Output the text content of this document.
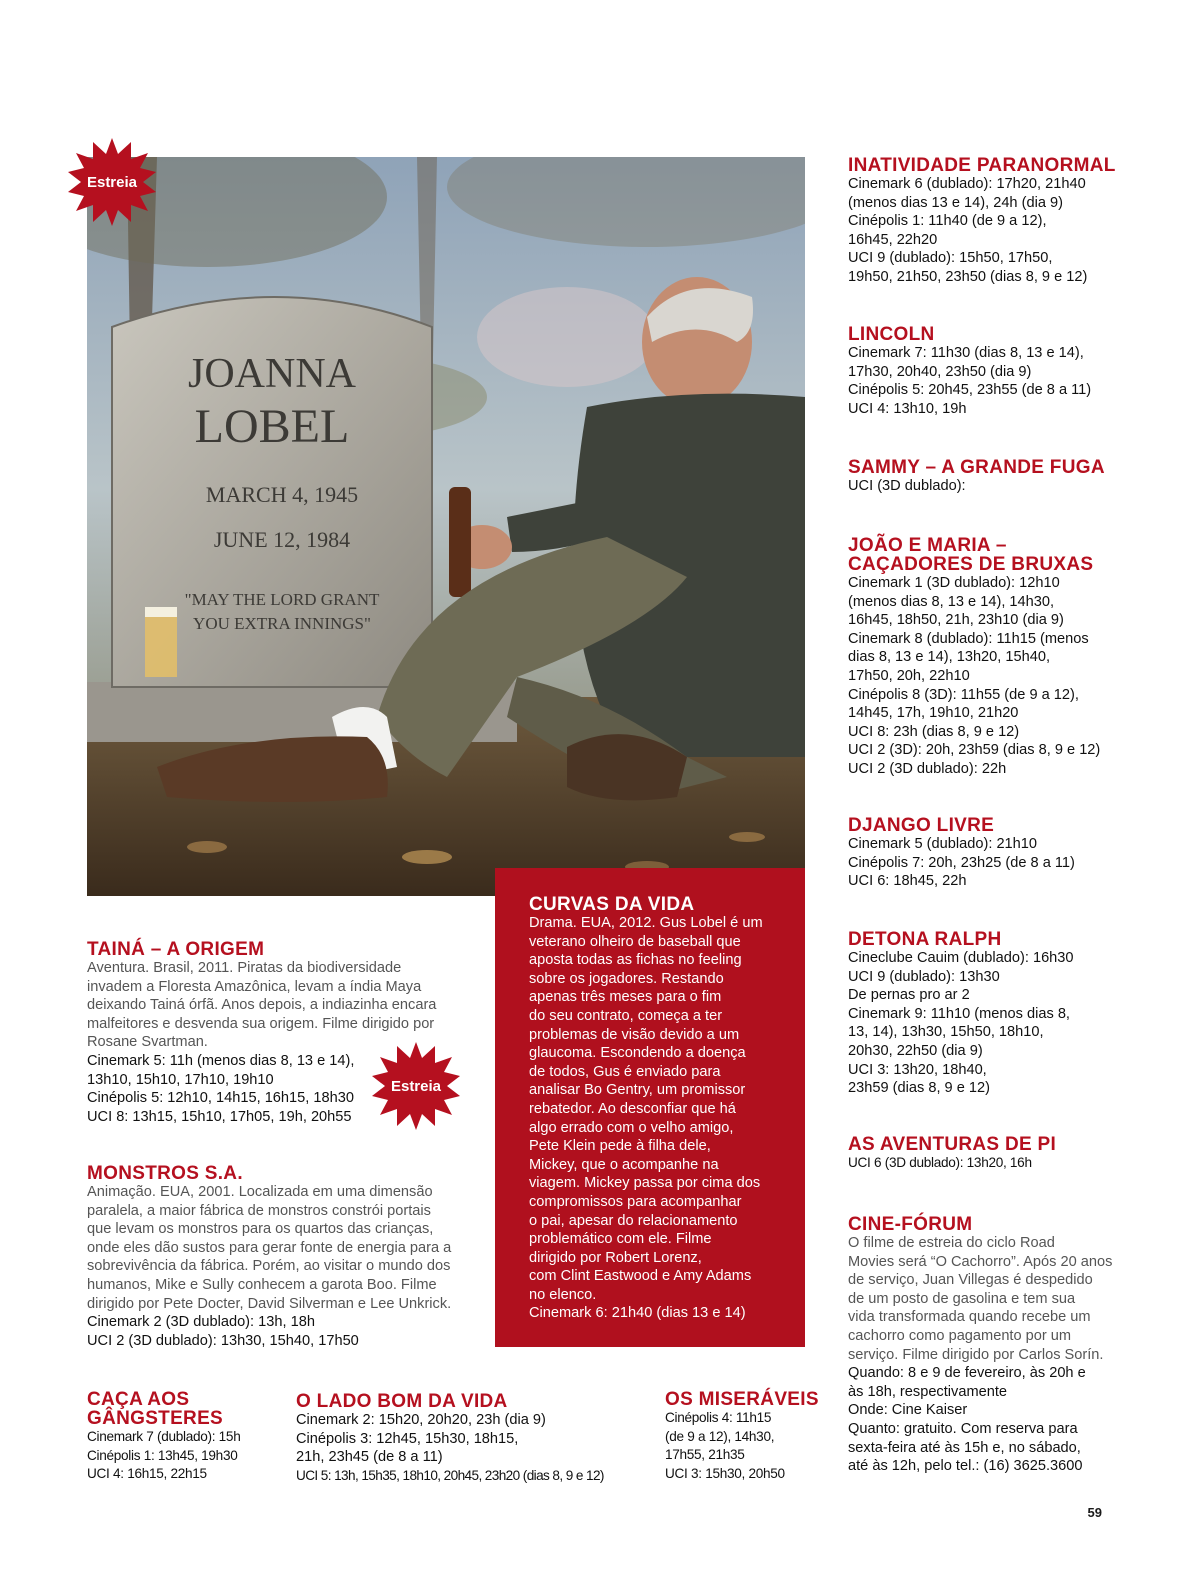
JOANNA
LOBEL
MARCH 4, 1945
JUNE 12, 1984
"MAY THE LORD GRANT
YOU EXTRA INNINGS"
Estreia
Estreia
INATIVIDADE PARANORMAL
Cinemark 6 (dublado): 17h20, 21h40
(menos dias 13 e 14), 24h (dia 9)
Cinépolis 1: 11h40 (de 9 a 12),
16h45, 22h20
UCI 9 (dublado): 15h50, 17h50,
19h50, 21h50, 23h50 (dias 8, 9 e 12)
LINCOLN
Cinemark 7: 11h30 (dias 8, 13 e 14),
17h30, 20h40, 23h50 (dia 9)
Cinépolis 5: 20h45, 23h55 (de 8 a 11)
UCI 4: 13h10, 19h
SAMMY – A GRANDE FUGA
UCI (3D dublado):
JOÃO E MARIA –
CAÇADORES DE BRUXAS
Cinemark 1 (3D dublado): 12h10
(menos dias 8, 13 e 14), 14h30,
16h45, 18h50, 21h, 23h10 (dia 9)
Cinemark 8 (dublado): 11h15 (menos
dias 8, 13 e 14), 13h20, 15h40,
17h50, 20h, 22h10
Cinépolis 8 (3D): 11h55 (de 9 a 12),
14h45, 17h, 19h10, 21h20
UCI 8: 23h (dias 8, 9 e 12)
UCI 2 (3D): 20h, 23h59 (dias 8, 9 e 12)
UCI 2 (3D dublado): 22h
DJANGO LIVRE
Cinemark 5 (dublado): 21h10
Cinépolis 7: 20h, 23h25 (de 8 a 11)
UCI 6: 18h45, 22h
DETONA RALPH
Cineclube Cauim (dublado): 16h30
UCI 9 (dublado): 13h30
De pernas pro ar 2
Cinemark 9: 11h10 (menos dias 8,
13, 14), 13h30, 15h50, 18h10,
20h30, 22h50 (dia 9)
UCI 3: 13h20, 18h40,
23h59 (dias 8, 9 e 12)
AS AVENTURAS DE PI
UCI 6 (3D dublado): 13h20, 16h
CINE-FÓRUM
O filme de estreia do ciclo Road
Movies será “O Cachorro”. Após 20 anos
de serviço, Juan Villegas é despedido
de um posto de gasolina e tem sua
vida transformada quando recebe um
cachorro como pagamento por um
serviço. Filme dirigido por Carlos Sorín.
Quando: 8 e 9 de fevereiro, às 20h e
às 18h, respectivamente
Onde: Cine Kaiser
Quanto: gratuito. Com reserva para
sexta-feira até às 15h e, no sábado,
até às 12h, pelo tel.: (16) 3625.3600
TAINÁ – A ORIGEM
Aventura. Brasil, 2011. Piratas da biodiversidade
invadem a Floresta Amazônica, levam a índia Maya
deixando Tainá órfã. Anos depois, a indiazinha encara
malfeitores e desvenda sua origem. Filme dirigido por
Rosane Svartman.
Cinemark 5: 11h (menos dias 8, 13 e 14),
13h10, 15h10, 17h10, 19h10
Cinépolis 5: 12h10, 14h15, 16h15, 18h30
UCI 8: 13h15, 15h10, 17h05, 19h, 20h55
MONSTROS S.A.
Animação. EUA, 2001. Localizada em uma dimensão
paralela, a maior fábrica de monstros constrói portais
que levam os monstros para os quartos das crianças,
onde eles dão sustos para gerar fonte de energia para a
sobrevivência da fábrica. Porém, ao visitar o mundo dos
humanos, Mike e Sully conhecem a garota Boo. Filme
dirigido por Pete Docter, David Silverman e Lee Unkrick.
Cinemark 2 (3D dublado): 13h, 18h
UCI 2 (3D dublado): 13h30, 15h40, 17h50
CURVAS DA VIDA
Drama. EUA, 2012. Gus Lobel é um
veterano olheiro de baseball que
aposta todas as fichas no feeling
sobre os jogadores. Restando
apenas três meses para o fim
do seu contrato, começa a ter
problemas de visão devido a um
glaucoma. Escondendo a doença
de todos, Gus é enviado para
analisar Bo Gentry, um promissor
rebatedor. Ao desconfiar que há
algo errado com o velho amigo,
Pete Klein pede à filha dele,
Mickey, que o acompanhe na
viagem. Mickey passa por cima dos
compromissos para acompanhar
o pai, apesar do relacionamento
problemático com ele. Filme
dirigido por Robert Lorenz,
com Clint Eastwood e Amy Adams
no elenco.
Cinemark 6: 21h40 (dias 13 e 14)
CAÇA AOS
GÂNGSTERES
Cinemark 7 (dublado): 15h
Cinépolis 1: 13h45, 19h30
UCI 4: 16h15, 22h15
O LADO BOM DA VIDA
Cinemark 2: 15h20, 20h20, 23h (dia 9)
Cinépolis 3: 12h45, 15h30, 18h15,
21h, 23h45 (de 8 a 11)
UCI 5: 13h, 15h35, 18h10, 20h45, 23h20 (dias 8, 9 e 12)
OS MISERÁVEIS
Cinépolis 4: 11h15
(de 9 a 12), 14h30,
17h55, 21h35
UCI 3: 15h30, 20h50
59
